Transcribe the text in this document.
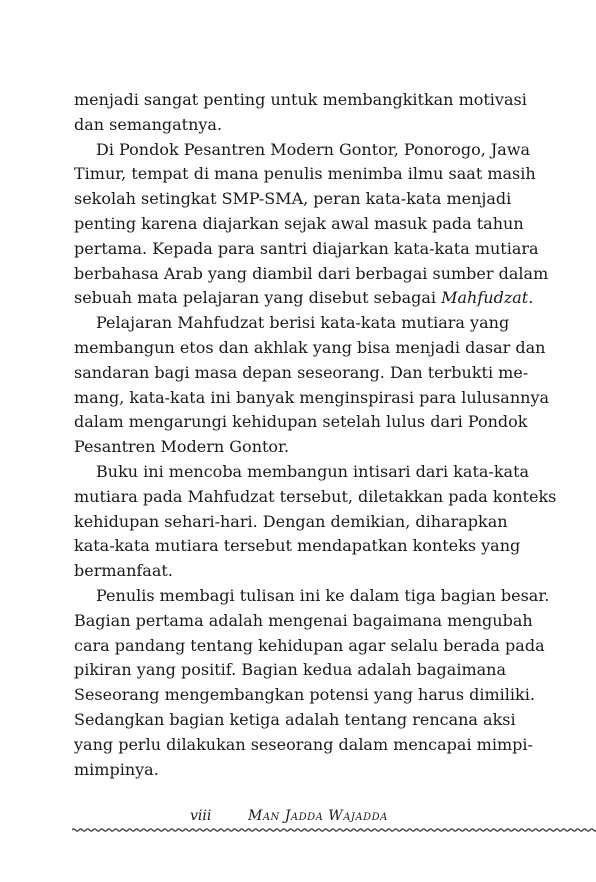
menjadi sangat penting untuk membangkitkan motivasi
dan semangatnya.
Di Pondok Pesantren Modern Gontor, Ponorogo, Jawa
Timur, tempat di mana penulis menimba ilmu saat masih
sekolah setingkat SMP-SMA, peran kata-kata menjadi
penting karena diajarkan sejak awal masuk pada tahun
pertama. Kepada para santri diajarkan kata-kata mutiara
berbahasa Arab yang diambil dari berbagai sumber dalam
sebuah mata pelajaran yang disebut sebagai Mahfudzat.
Pelajaran Mahfudzat berisi kata-kata mutiara yang
membangun etos dan akhlak yang bisa menjadi dasar dan
sandaran bagi masa depan seseorang. Dan terbukti me-
mang, kata-kata ini banyak menginspirasi para lulusannya
dalam mengarungi kehidupan setelah lulus dari Pondok
Pesantren Modern Gontor.
Buku ini mencoba membangun intisari dari kata-kata
mutiara pada Mahfudzat tersebut, diletakkan pada konteks
kehidupan sehari-hari. Dengan demikian, diharapkan
kata-kata mutiara tersebut mendapatkan konteks yang
bermanfaat.
Penulis membagi tulisan ini ke dalam tiga bagian besar.
Bagian pertama adalah mengenai bagaimana mengubah
cara pandang tentang kehidupan agar selalu berada pada
pikiran yang positif. Bagian kedua adalah bagaimana
Seseorang mengembangkan potensi yang harus dimiliki.
Sedangkan bagian ketiga adalah tentang rencana aksi
yang perlu dilakukan seseorang dalam mencapai mimpi-
mimpinya.
viii	Man Jadda Wajadda
